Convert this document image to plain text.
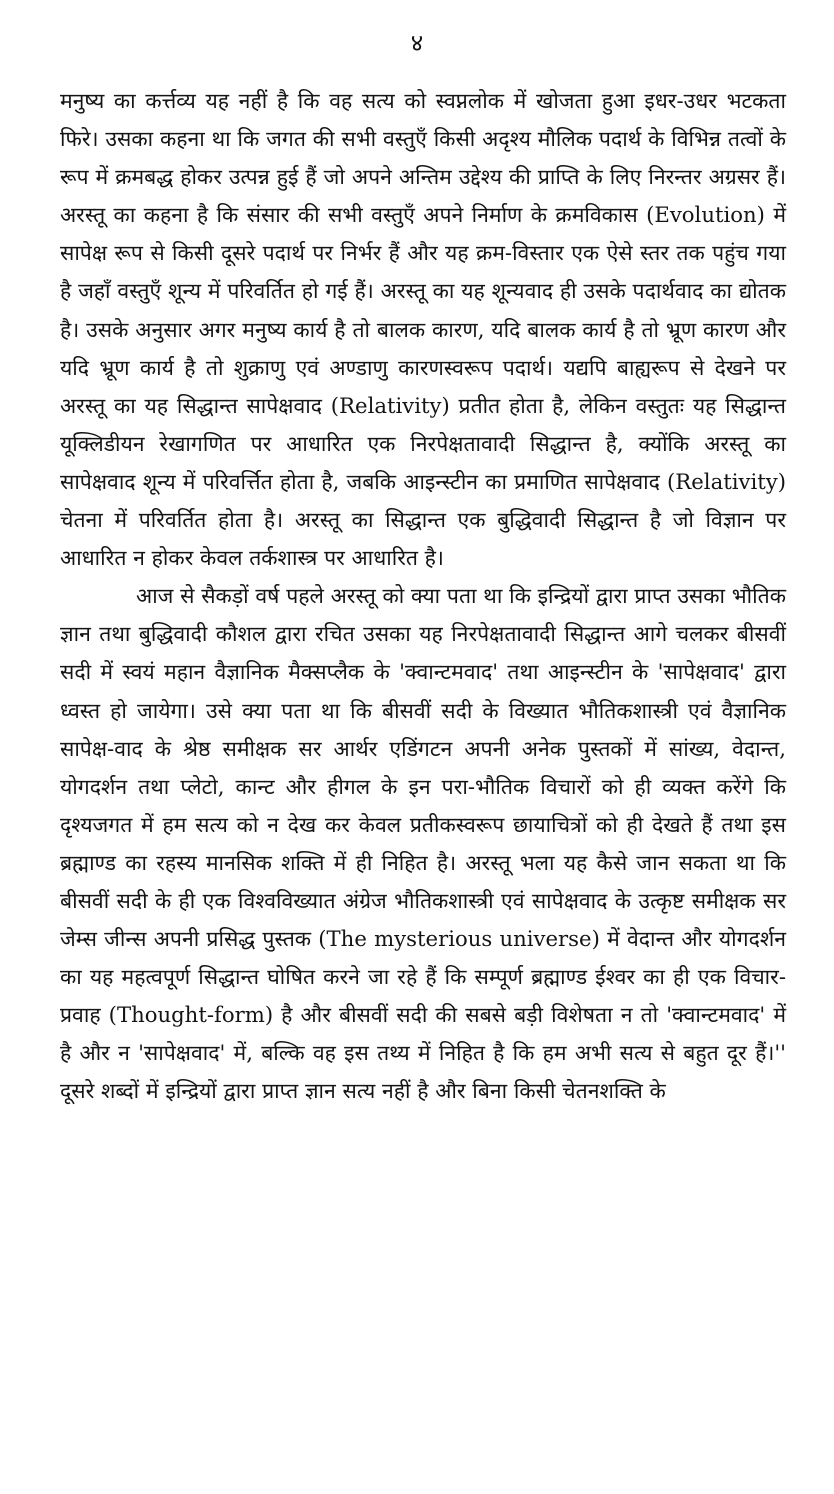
४

मनुष्य का कर्त्तव्य यह नहीं है कि वह सत्य को स्वप्नलोक में खोजता हुआ इधर-उधर भटकता फिरे। उसका कहना था कि जगत की सभी वस्तुएँ किसी अदृश्य मौलिक पदार्थ के विभिन्न तत्वों के रूप में क्रमबद्ध होकर उत्पन्न हुई हैं जो अपने अन्तिम उद्देश्य की प्राप्ति के लिए निरन्तर अग्रसर हैं। अरस्तू का कहना है कि संसार की सभी वस्तुएँ अपने निर्माण के क्रमविकास (Evolution) में सापेक्ष रूप से किसी दूसरे पदार्थ पर निर्भर हैं और यह क्रम-विस्तार एक ऐसे स्तर तक पहुंच गया है जहाँ वस्तुएँ शून्य में परिवर्तित हो गई हैं। अरस्तू का यह शून्यवाद ही उसके पदार्थवाद का द्योतक है। उसके अनुसार अगर मनुष्य कार्य है तो बालक कारण, यदि बालक कार्य है तो भ्रूण कारण और यदि भ्रूण कार्य है तो शुक्राणु एवं अण्डाणु कारणस्वरूप पदार्थ। यद्यपि बाह्यरूप से देखने पर अरस्तू का यह सिद्धान्त सापेक्षवाद (Relativity) प्रतीत होता है, लेकिन वस्तुतः यह सिद्धान्त यूक्लिडीयन रेखागणित पर आधारित एक निरपेक्षतावादी सिद्धान्त है, क्योंकि अरस्तू का सापेक्षवाद शून्य में परिवर्त्तित होता है, जबकि आइन्स्टीन का प्रमाणित सापेक्षवाद (Relativity) चेतना में परिवर्तित होता है। अरस्तू का सिद्धान्त एक बुद्धिवादी सिद्धान्त है जो विज्ञान पर आधारित न होकर केवल तर्कशास्त्र पर आधारित है।

आज से सैकड़ों वर्ष पहले अरस्तू को क्या पता था कि इन्द्रियों द्वारा प्राप्त उसका भौतिक ज्ञान तथा बुद्धिवादी कौशल द्वारा रचित उसका यह निरपेक्षतावादी सिद्धान्त आगे चलकर बीसवीं सदी में स्वयं महान वैज्ञानिक मैक्सप्लैक के 'क्वान्टमवाद' तथा आइन्स्टीन के 'सापेक्षवाद' द्वारा ध्वस्त हो जायेगा। उसे क्या पता था कि बीसवीं सदी के विख्यात भौतिकशास्त्री एवं वैज्ञानिक सापेक्ष-वाद के श्रेष्ठ समीक्षक सर आर्थर एडिंगटन अपनी अनेक पुस्तकों में सांख्य, वेदान्त, योगदर्शन तथा प्लेटो, कान्ट और हीगल के इन परा-भौतिक विचारों को ही व्यक्त करेंगे कि दृश्यजगत में हम सत्य को न देख कर केवल प्रतीकस्वरूप छायाचित्रों को ही देखते हैं तथा इस ब्रह्माण्ड का रहस्य मानसिक शक्ति में ही निहित है। अरस्तू भला यह कैसे जान सकता था कि बीसवीं सदी के ही एक विश्वविख्यात अंग्रेज भौतिकशास्त्री एवं सापेक्षवाद के उत्कृष्ट समीक्षक सर जेम्स जीन्स अपनी प्रसिद्ध पुस्तक (The mysterious universe) में वेदान्त और योगदर्शन का यह महत्वपूर्ण सिद्धान्त घोषित करने जा रहे हैं कि सम्पूर्ण ब्रह्माण्ड ईश्वर का ही एक विचार-प्रवाह (Thought-form) है और बीसवीं सदी की सबसे बड़ी विशेषता न तो 'क्वान्टमवाद' में है और न 'सापेक्षवाद' में, बल्कि वह इस तथ्य में निहित है कि हम अभी सत्य से बहुत दूर हैं।'' दूसरे शब्दों में इन्द्रियों द्वारा प्राप्त ज्ञान सत्य नहीं है और बिना किसी चेतनशक्ति के
